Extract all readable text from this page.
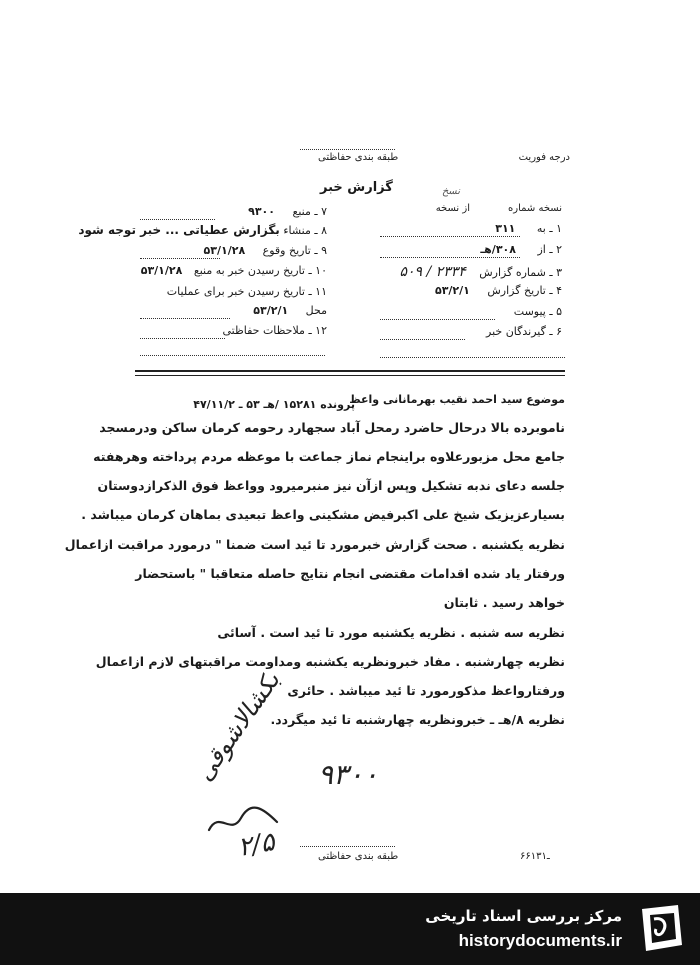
درجه فوریت
طبقه بندی حفاظتی
گزارش خبر
نسخه شماره
از نسخه
نسخ
۱ ـ به ۳۱۱
۲ ـ از ۳۰۸/هـ
۳ ـ شماره گزارش ۲۳۳۴ / ۵۰۹
۴ ـ تاریخ گزارش ۵۳/۲/۱
۵ ـ پیوست
۶ ـ گیرندگان خبر
۷ ـ منبع ۹۳۰۰
۸ ـ منشاء بگزارش عطیاتی ... خبر توجه شود
۹ ـ تاریخ وقوع ۵۳/۱/۲۸
۱۰ ـ تاریخ رسیدن خبر به منبع ۵۳/۱/۲۸
۱۱ ـ تاریخ رسیدن خبر برای عملیات
محل ۵۳/۲/۱
۱۲ ـ ملاحظات حفاظتی
موضوع سید احمد نقیب بهرمانانی واعظ
پرونده ۱۵۲۸۱ /هـ ۵۳ ـ ۴۷/۱۱/۲
ناموبرده بالا درحال حاضرد رمحل آباد سجهارد رحومه کرمان ساکن ودرمسجد
جامع محل مزبورعلاوه براینجام نماز جماعت با موعظه مردم پرداخته وهرهفته
جلسه دعای ندبه تشکیل وپس ازآن نیز منبرمیرود وواعظ فوق الذکرازدوستان
بسیارعزیزیک شیخ علی اکبرفیض مشکینی واعظ تبعیدی بماهان کرمان میباشد .
نظریه یکشنبه . صحت گزارش خبرمورد تا ئید است ضمنا " درمورد مراقبت ازاعمال
ورفتار یاد شده اقدامات مقتضی انجام نتایج حاصله متعاقبا " باستحضار
خواهد رسید . ثابتان
نظریه سه شنبه . نظریه یکشنبه مورد تا ئید است . آسائی
نظریه چهارشنبه . مفاد خبرونظریه یکشنبه ومداومت مراقبتهای لازم ازاعمال
ورفتارواعظ مذکورمورد تا ئید میباشد . حائری
نظریه ۸/هـ ـ خبرونظریه چهارشنبه تا ئید میگردد.
۹۳۰۰
بکشالاشوقی
۲/۵	طبقه بندی حفاظتی	۶۶ـ۱۳۱
مرکز بررسی اسناد تاریخی
historydocuments.ir
